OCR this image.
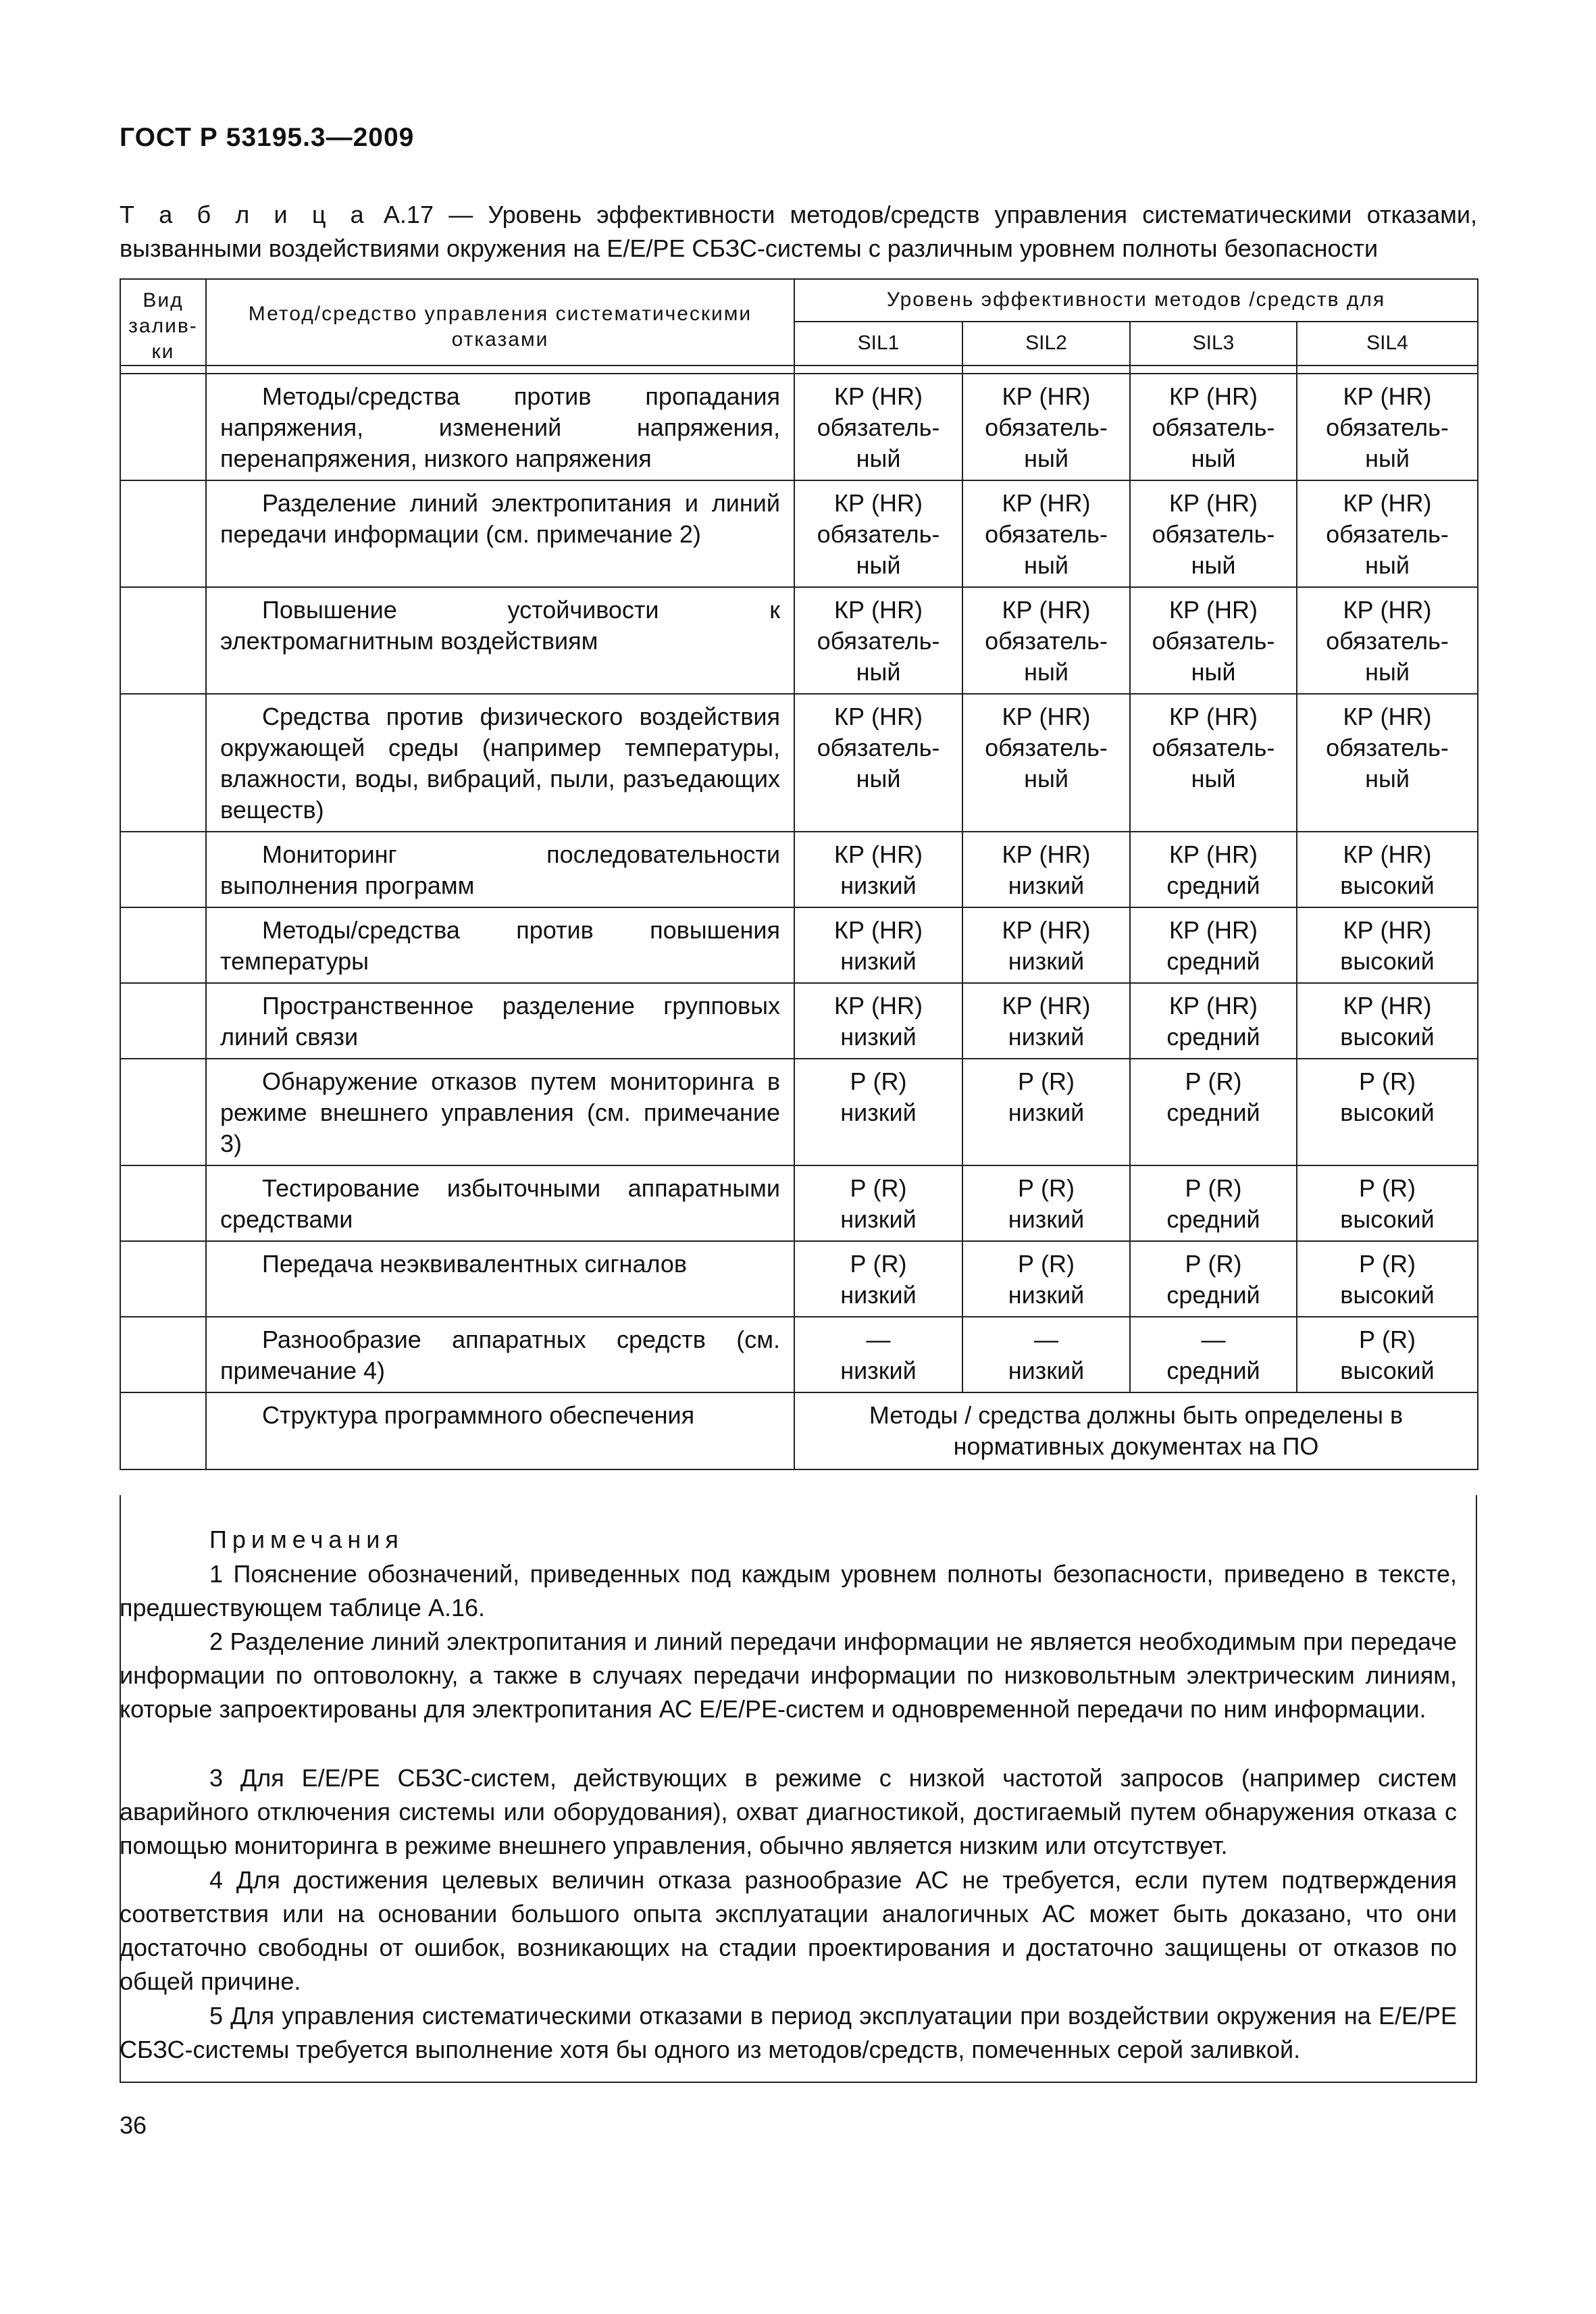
ГОСТ Р 53195.3—2009
Т а б л и ц а А.17 — Уровень эффективности методов/средств управления систематическими отказами, вызванными воздействиями окружения на Е/Е/РЕ СБЗС-системы с различным уровнем полноты безопасности
Вид залив-ки	Метод/средство управления систематическими отказами	Уровень эффективности методов /средств для			
		SIL1	SIL2	SIL3	SIL4

	Методы/средства против пропадания напряжения, изменений напряжения, перенапряжения, низкого напряжения	КР (HR)
обязатель-
ный	КР (HR)
обязатель-
ный	КР (HR)
обязатель-
ный	КР (HR)
обязатель-
ный

	Разделение линий электропитания и линий передачи информации (см. примечание 2)	КР (HR)
обязатель-
ный	КР (HR)
обязатель-
ный	КР (HR)
обязатель-
ный	КР (HR)
обязатель-
ный

	Повышение устойчивости к электромагнитным воздействиям	КР (HR)
обязатель-
ный	КР (HR)
обязатель-
ный	КР (HR)
обязатель-
ный	КР (HR)
обязатель-
ный

	Средства против физического воздействия окружающей среды (например температуры, влажности, воды, вибраций, пыли, разъедающих веществ)	КР (HR)
обязатель-
ный	КР (HR)
обязатель-
ный	КР (HR)
обязатель-
ный	КР (HR)
обязатель-
ный

	Мониторинг последовательности выполнения программ	КР (HR)
низкий	КР (HR)
низкий	КР (HR)
средний	КР (HR)
высокий

	Методы/средства против повышения температуры	КР (HR)
низкий	КР (HR)
низкий	КР (HR)
средний	КР (HR)
высокий

	Пространственное разделение групповых линий связи	КР (HR)
низкий	КР (HR)
низкий	КР (HR)
средний	КР (HR)
высокий

	Обнаружение отказов путем мониторинга в режиме внешнего управления (см. примечание 3)	Р (R)
низкий	Р (R)
низкий	Р (R)
средний	Р (R)
высокий

	Тестирование избыточными аппаратными средствами	Р (R)
низкий	Р (R)
низкий	Р (R)
средний	Р (R)
высокий

	Передача неэквивалентных сигналов	Р (R)
низкий	Р (R)
низкий	Р (R)
средний	Р (R)
высокий

	Разнообразие аппаратных средств (см. примечание 4)	—
низкий	—
низкий	—
средний	Р (R)
высокий

	Структура программного обеспечения	Методы / средства должны быть определены в
нормативных документах на ПО			
Примечания
1 Пояснение обозначений, приведенных под каждым уровнем полноты безопасности, приведено в тексте, предшествующем таблице А.16.
2 Разделение линий электропитания и линий передачи информации не является необходимым при передаче информации по оптоволокну, а также в случаях передачи информации по низковольтным электрическим линиям, которые запроектированы для электропитания АС Е/Е/РЕ-систем и одновременной передачи по ним информации.
3 Для Е/Е/РЕ СБЗС-систем, действующих в режиме с низкой частотой запросов (например систем аварийного отключения системы или оборудования), охват диагностикой, достигаемый путем обнаружения отказа с помощью мониторинга в режиме внешнего управления, обычно является низким или отсутствует.
4 Для достижения целевых величин отказа разнообразие АС не требуется, если путем подтверждения соответствия или на основании большого опыта эксплуатации аналогичных АС может быть доказано, что они достаточно свободны от ошибок, возникающих на стадии проектирования и достаточно защищены от отказов по общей причине.
5 Для управления систематическими отказами в период эксплуатации при воздействии окружения на Е/Е/РЕ СБЗС-системы требуется выполнение хотя бы одного из методов/средств, помеченных серой заливкой.
36
